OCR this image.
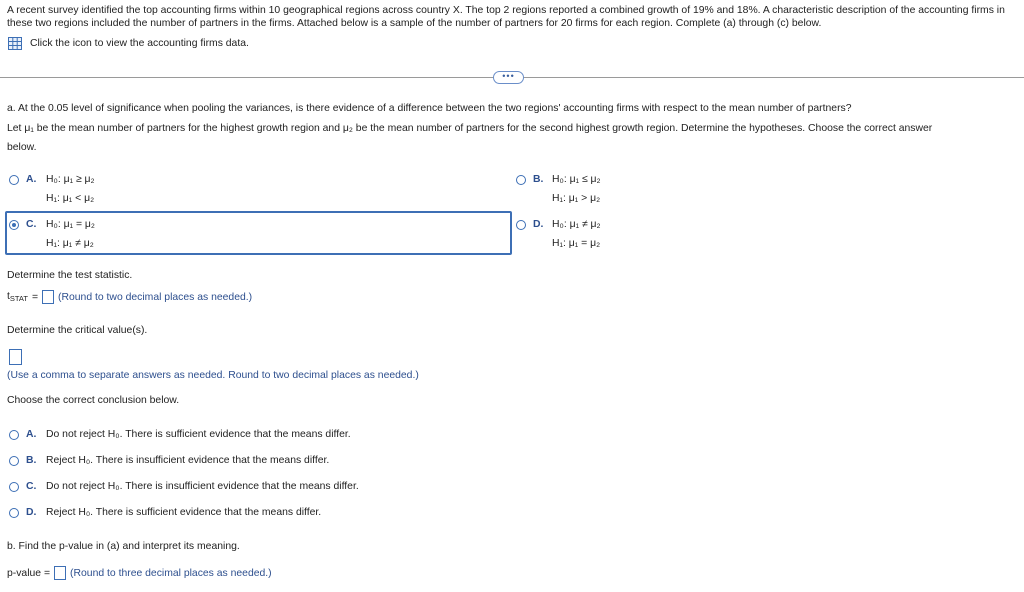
A recent survey identified the top accounting firms within 10 geographical regions across country X. The top 2 regions reported a combined growth of 19% and 18%. A characteristic description of the accounting firms in these two regions included the number of partners in the firms. Attached below is a sample of the number of partners for 20 firms for each region. Complete (a) through (c) below.
Click the icon to view the accounting firms data.
•••
a. At the 0.05 level of significance when pooling the variances, is there evidence of a difference between the two regions' accounting firms with respect to the mean number of partners?
Let μ₁ be the mean number of partners for the highest growth region and μ₂ be the mean number of partners for the second highest growth region. Determine the hypotheses. Choose the correct answer
below.
A. H₀: μ₁ ≥ μ₂
H₁: μ₁ < μ₂
B. H₀: μ₁ ≤ μ₂
H₁: μ₁ > μ₂
C. H₀: μ₁ = μ₂
H₁: μ₁ ≠ μ₂
D. H₀: μ₁ ≠ μ₂
H₁: μ₁ = μ₂
Determine the test statistic.
$t_{STAT}$ = (Round to two decimal places as needed.)
Determine the critical value(s).
(Use a comma to separate answers as needed. Round to two decimal places as needed.)
Choose the correct conclusion below.
A. Do not reject H₀. There is sufficient evidence that the means differ.
B. Reject H₀. There is insufficient evidence that the means differ.
C. Do not reject H₀. There is insufficient evidence that the means differ.
D. Reject H₀. There is sufficient evidence that the means differ.
b. Find the p-value in (a) and interpret its meaning.
p-value = (Round to three decimal places as needed.)
